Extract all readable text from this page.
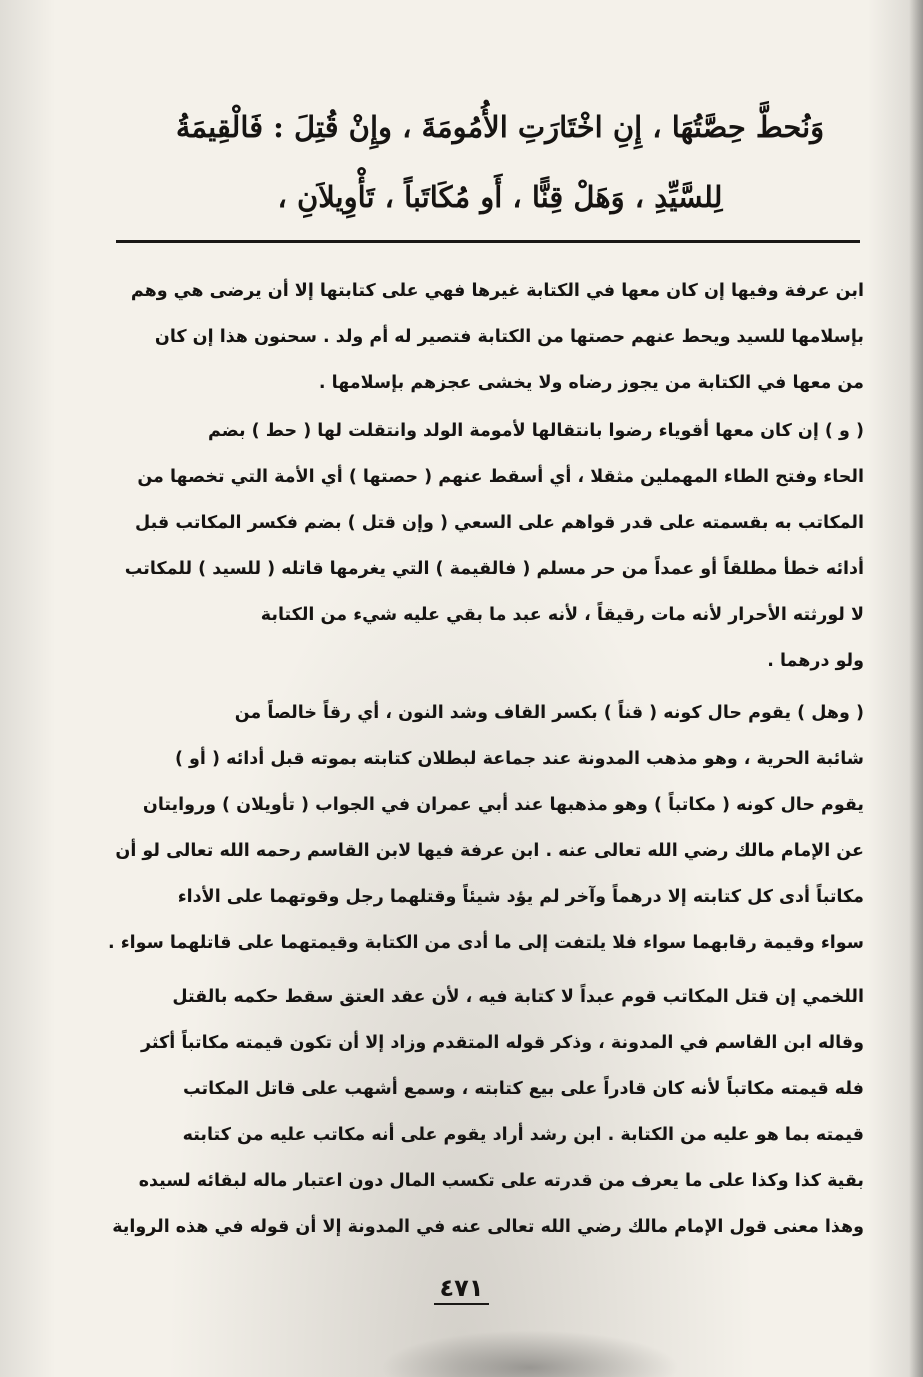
وَنُحطَّ حِصَّتُهَا ، إِنِ اخْتَارَتِ الأُمُومَةَ ، وإِنْ قُتِلَ : فَالْقِيمَةُ
لِلسَّيِّدِ ، وَهَلْ قِنًّا ، أَو مُكَاتَباً ، تَأْوِيلاَنِ ،
ابن عرفة وفيها إن كان معها في الكتابة غيرها فهي على كتابتها إلا أن يرضى هي وهم
بإسلامها للسيد ويحط عنهم حصتها من الكتابة فتصير له أم ولد . سحنون هذا إن كان
من معها في الكتابة من يجوز رضاه ولا يخشى عجزهم بإسلامها .
( و ) إن كان معها أقوياء رضوا بانتقالها لأمومة الولد وانتقلت لها ( حط ) بضم
الحاء وفتح الطاء المهملين مثقلا ، أي أسقط عنهم ( حصتها ) أي الأمة التي تخصها من
المكاتب به بقسمته على قدر قواهم على السعي ( وإن قتل ) بضم فكسر المكاتب قبل
أدائه خطأ مطلقاً أو عمداً من حر مسلم ( فالقيمة ) التي يغرمها قاتله ( للسيد ) للمكاتب
لا لورثته الأحرار لأنه مات رقيقاً ، لأنه عبد ما بقي عليه شيء من الكتابة
ولو درهما .
( وهل ) يقوم حال كونه ( قناً ) بكسر القاف وشد النون ، أي رقاً خالصاً من
شائبة الحرية ، وهو مذهب المدونة عند جماعة لبطلان كتابته بموته قبل أدائه ( أو )
يقوم حال كونه ( مكاتباً ) وهو مذهبها عند أبي عمران في الجواب ( تأويلان ) وروايتان
عن الإمام مالك رضي الله تعالى عنه . ابن عرفة فيها لابن القاسم رحمه الله تعالى لو أن
مكاتباً أدى كل كتابته إلا درهماً وآخر لم يؤد شيئاً وقتلهما رجل وقوتهما على الأداء
سواء وقيمة رقابهما سواء فلا يلتفت إلى ما أدى من الكتابة وقيمتهما على قاتلهما سواء .
اللخمي إن قتل المكاتب قوم عبداً لا كتابة فيه ، لأن عقد العتق سقط حكمه بالقتل
وقاله ابن القاسم في المدونة ، وذكر قوله المتقدم وزاد إلا أن تكون قيمته مكاتباً أكثر
فله قيمته مكاتباً لأنه كان قادراً على بيع كتابته ، وسمع أشهب على قاتل المكاتب
قيمته بما هو عليه من الكتابة . ابن رشد أراد يقوم على أنه مكاتب عليه من كتابته
بقية كذا وكذا على ما يعرف من قدرته على تكسب المال دون اعتبار ماله لبقائه لسيده
وهذا معنى قول الإمام مالك رضي الله تعالى عنه في المدونة إلا أن قوله في هذه الرواية
٤٧١
